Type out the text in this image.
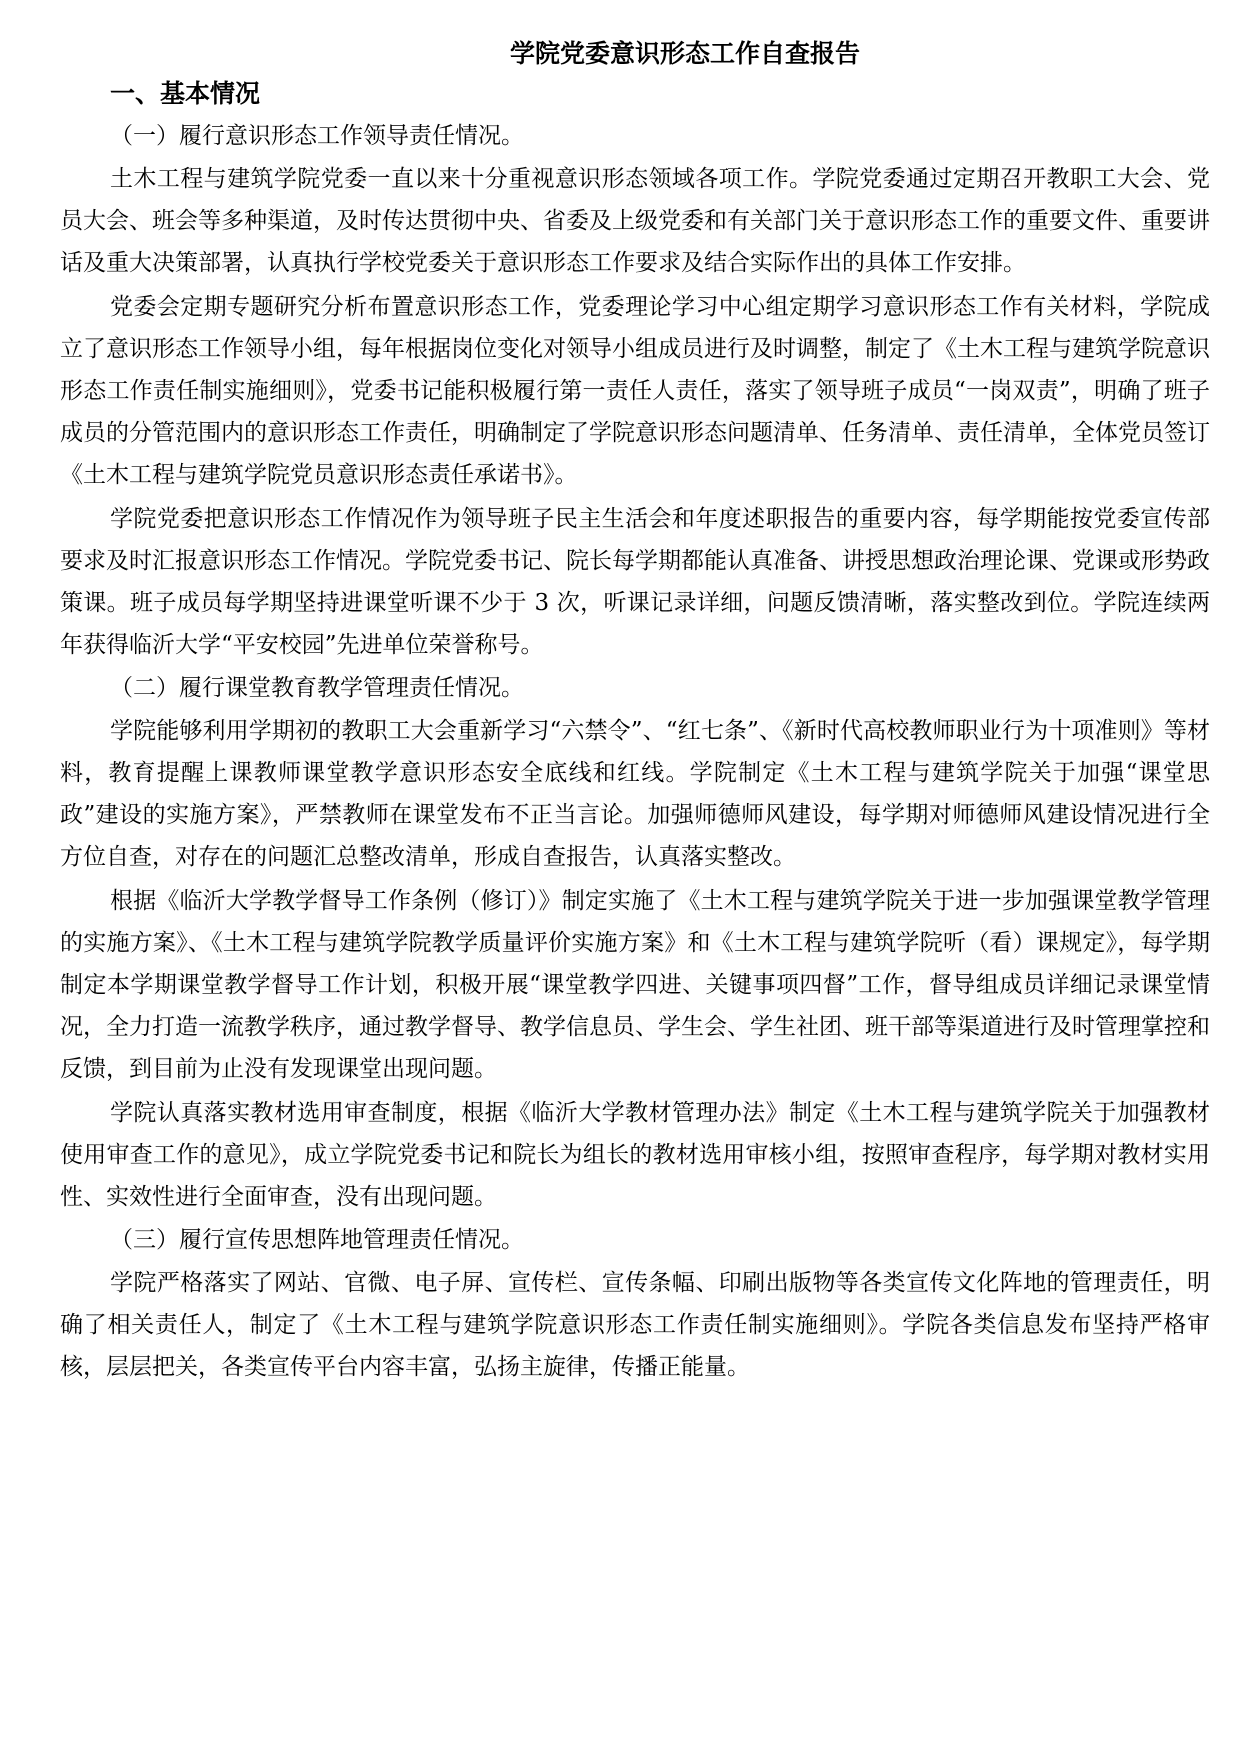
学院党委意识形态工作自查报告
一、基本情况

（一）履行意识形态工作领导责任情况。

土木工程与建筑学院党委一直以来十分重视意识形态领域各项工作。学院党委通过定期召开教职工大会、党员大会、班会等多种渠道，及时传达贯彻中央、省委及上级党委和有关部门关于意识形态工作的重要文件、重要讲话及重大决策部署，认真执行学校党委关于意识形态工作要求及结合实际作出的具体工作安排。

党委会定期专题研究分析布置意识形态工作，党委理论学习中心组定期学习意识形态工作有关材料，学院成立了意识形态工作领导小组，每年根据岗位变化对领导小组成员进行及时调整，制定了《土木工程与建筑学院意识形态工作责任制实施细则》，党委书记能积极履行第一责任人责任，落实了领导班子成员“一岗双责”，明确了班子成员的分管范围内的意识形态工作责任，明确制定了学院意识形态问题清单、任务清单、责任清单，全体党员签订《土木工程与建筑学院党员意识形态责任承诺书》。

学院党委把意识形态工作情况作为领导班子民主生活会和年度述职报告的重要内容，每学期能按党委宣传部要求及时汇报意识形态工作情况。学院党委书记、院长每学期都能认真准备、讲授思想政治理论课、党课或形势政策课。班子成员每学期坚持进课堂听课不少于 3 次，听课记录详细，问题反馈清晰，落实整改到位。学院连续两年获得临沂大学“平安校园”先进单位荣誉称号。

（二）履行课堂教育教学管理责任情况。

学院能够利用学期初的教职工大会重新学习“六禁令”、“红七条”、《新时代高校教师职业行为十项准则》等材料，教育提醒上课教师课堂教学意识形态安全底线和红线。学院制定《土木工程与建筑学院关于加强“课堂思政”建设的实施方案》，严禁教师在课堂发布不正当言论。加强师德师风建设，每学期对师德师风建设情况进行全方位自查，对存在的问题汇总整改清单，形成自查报告，认真落实整改。

根据《临沂大学教学督导工作条例（修订）》制定实施了《土木工程与建筑学院关于进一步加强课堂教学管理的实施方案》、《土木工程与建筑学院教学质量评价实施方案》和《土木工程与建筑学院听（看）课规定》，每学期制定本学期课堂教学督导工作计划，积极开展“课堂教学四进、关键事项四督”工作，督导组成员详细记录课堂情况，全力打造一流教学秩序，通过教学督导、教学信息员、学生会、学生社团、班干部等渠道进行及时管理掌控和反馈，到目前为止没有发现课堂出现问题。

学院认真落实教材选用审查制度，根据《临沂大学教材管理办法》制定《土木工程与建筑学院关于加强教材使用审查工作的意见》，成立学院党委书记和院长为组长的教材选用审核小组，按照审查程序，每学期对教材实用性、实效性进行全面审查，没有出现问题。

（三）履行宣传思想阵地管理责任情况。

学院严格落实了网站、官微、电子屏、宣传栏、宣传条幅、印刷出版物等各类宣传文化阵地的管理责任，明确了相关责任人，制定了《土木工程与建筑学院意识形态工作责任制实施细则》。学院各类信息发布坚持严格审核，层层把关，各类宣传平台内容丰富，弘扬主旋律，传播正能量。
